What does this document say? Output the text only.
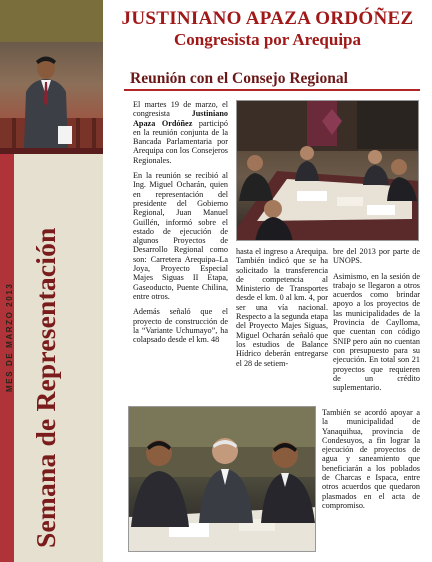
MES DE MARZO 2013 Semana de Representación
JUSTINIANO APAZA ORDÓÑEZ
Congresista por Arequipa
Reunión con el Consejo Regional

El martes 19 de marzo, el congresista Justiniano Apaza Ordóñez participó en la reunión conjunta de la Bancada Parlamentaria por Arequipa con los Consejeros Regionales.

En la reunión se recibió al Ing. Miguel Ocharán, quien en representación del presidente del Gobierno Regional, Juan Manuel Guillén, informó sobre el estado de ejecución de algunos Proyectos de Desarrollo Regional como son: Carretera Arequipa–La Joya, Proyecto Especial Majes Siguas II Etapa, Gaseoducto, Puente Chilina, entre otros.

Además señaló que el proyecto de construcción de la “Variante Uchumayo”, ha colapsado desde el km. 48

hasta el ingreso a Arequipa. También indicó que se ha solicitado la transferencia de competencia al Ministerio de Transportes desde el km. 0 al km. 4, por ser una vía nacional. Respecto a la segunda etapa del Proyecto Majes Siguas, Miguel Ocharán señaló que los estudios de Balance Hídrico deberán entregarse el 28 de setiem-

bre del 2013 por parte de UNOPS.

Asimismo, en la sesión de trabajo se llegaron a otros acuerdos como brindar apoyo a los proyectos de las municipalidades de la Provincia de Caylloma, que cuentan con código SNIP pero aún no cuentan con presupuesto para su ejecución. En total son 21 proyectos que requieren de un crédito suplementario.

También se acordó apoyar a la municipalidad de Yanaquihua, provincia de Condesuyos, a fin lograr la ejecución de proyectos de agua y saneamiento que beneficiarán a los poblados de Charcas e Ispaca, entre otros acuerdos que quedaron plasmados en el acta de compromiso.
